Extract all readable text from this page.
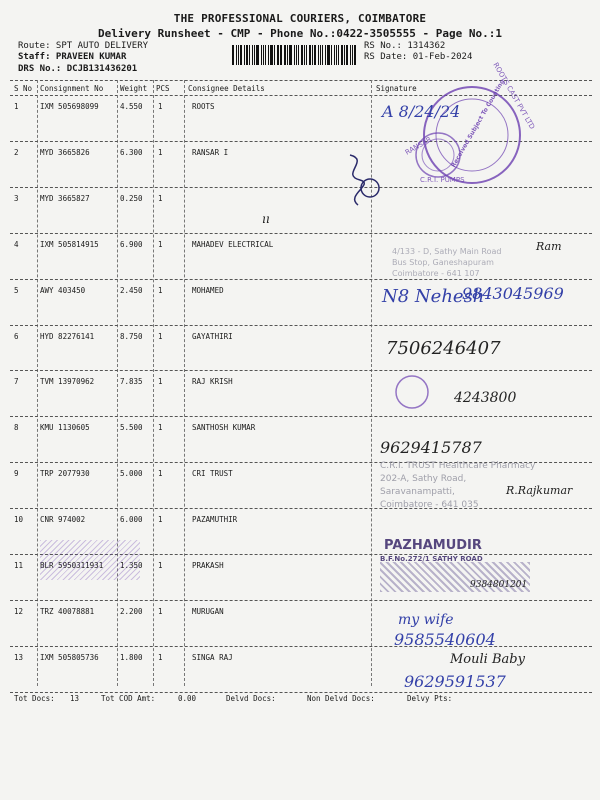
THE PROFESSIONAL COURIERS, COIMBATORE
Delivery Runsheet - CMP - Phone No.:0422-3505555 - Page No.:1
Route: SPT AUTO DELIVERY
Staff: PRAVEEN KUMAR
DRS No.: DCJB131436201
RS No.: 1314362
RS Date: 01-Feb-2024
S No Consignment No Weight PCS Consignee Details	Signature
1	IXM 505698099	4.550 1	ROOTS
2	MYD 3665826	6.300 1	RANSAR I
3	MYD 3665827	0.250 1
4	IXM 505814915	6.900 1	MAHADEV ELECTRICAL
5	AWY 403450	2.450 1	MOHAMED
6	HYD 82276141	8.750 1	GAYATHIRI
7	TVM 13970962	7.835 1	RAJ KRISH
8	KMU 1130605	5.500 1	SANTHOSH KUMAR
9	TRP 2077930	5.000 1	CRI TRUST
10 CNR 974002	6.000 1	PAZAMUTHIR
11 BLR 5950311931 1.350 1	PRAKASH
12 TRZ 40078881	2.200 1	MURUGAN
13 IXM 505805736	1.800 1	SINGA RAJ
Tot Docs: 13	Tot COD Amt:	0.00	Delvd Docs:	Non Delvd Docs:	Delvy Pts:
ROOTS CAST PVT LTD
RANSAR
C.R.I. PUMPS
Received Subject To Counting
4/133 - D, Sathy Main Road
Bus Stop, Ganeshapuram
Coimbatore - 641 107
C.R.I. TRUST Healthcare Pharmacy
202-A, Sathy Road,
Saravanampatti,
Coimbatore - 641 035
PAZHAMUDIR
B.F.No.272/1 SATHY ROAD
A 8/24/24
ıı
Ram
N8 Nehesh
9843045969
7506246407
4243800
9629415787
R.Rajkumar
9384801201
my wife
9585540604
Mouli Baby
9629591537
